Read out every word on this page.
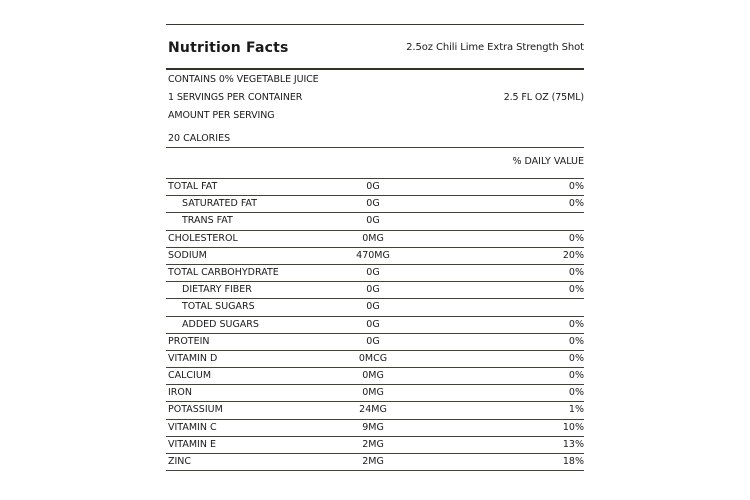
Nutrition Facts	2.5oz Chili Lime Extra Strength Shot
CONTAINS 0% VEGETABLE JUICE
1 SERVINGS PER CONTAINER	2.5 FL OZ (75ML)
AMOUNT PER SERVING
20 CALORIES
% DAILY VALUE
TOTAL FAT	0G	0%
SATURATED FAT	0G	0%
TRANS FAT	0G
CHOLESTEROL	0MG	0%
SODIUM	470MG	20%
TOTAL CARBOHYDRATE	0G	0%
DIETARY FIBER	0G	0%
TOTAL SUGARS	0G
ADDED SUGARS	0G	0%
PROTEIN	0G	0%
VITAMIN D	0MCG	0%
CALCIUM	0MG	0%
IRON	0MG	0%
POTASSIUM	24MG	1%
VITAMIN C	9MG	10%
VITAMIN E	2MG	13%
ZINC	2MG	18%
